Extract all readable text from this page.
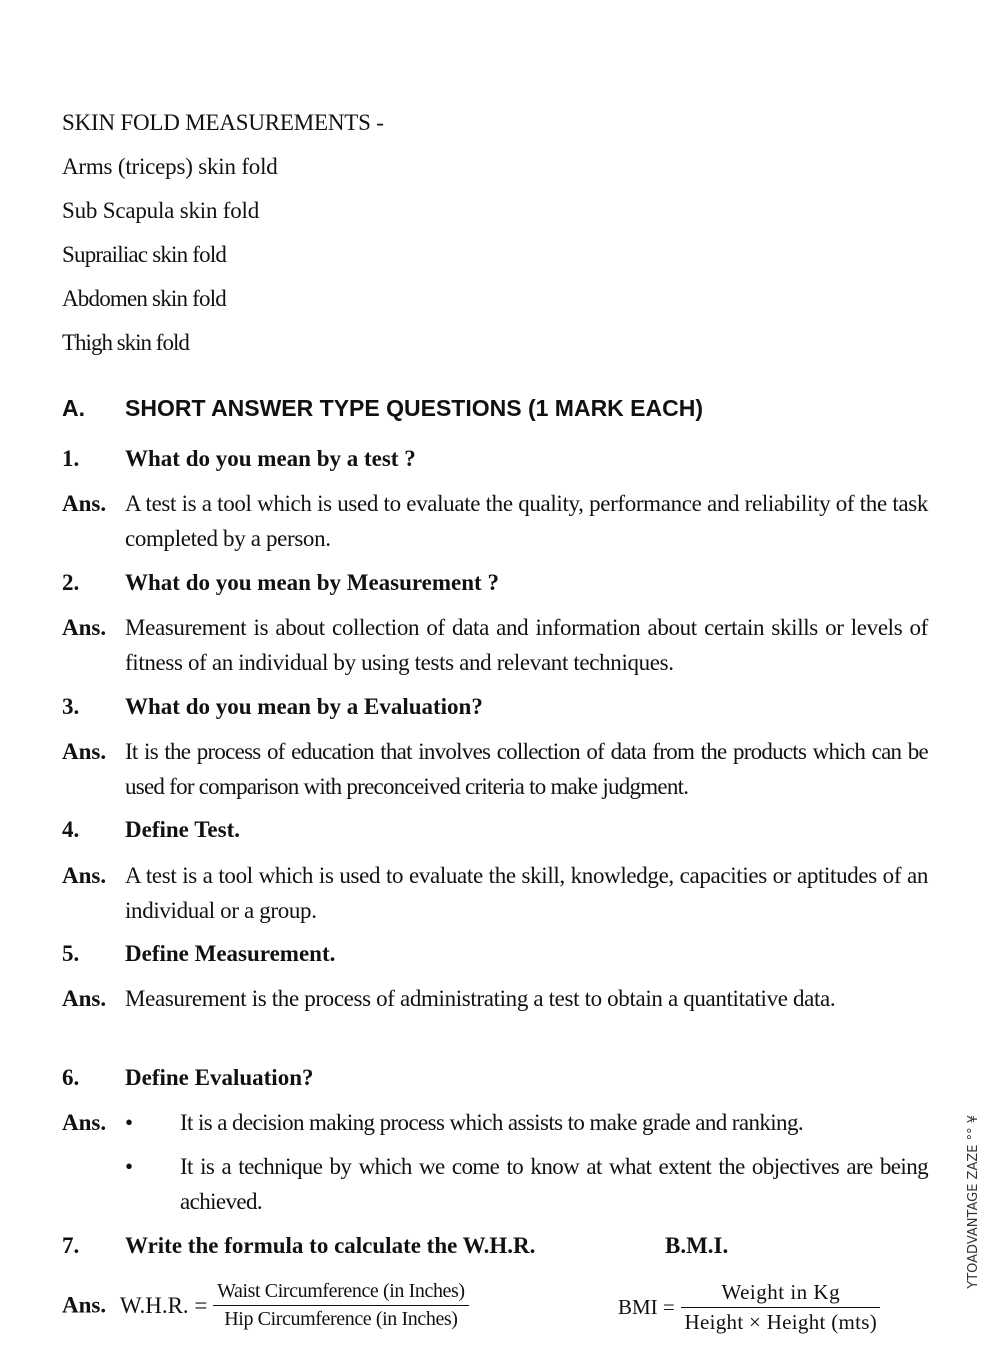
SKIN FOLD MEASUREMENTS -
Arms (triceps) skin fold
Sub Scapula skin fold
Suprailiac skin fold
Abdomen skin fold
Thigh skin fold
A. SHORT ANSWER TYPE QUESTIONS (1 MARK EACH)
1. What do you mean by a test ?
Ans. A test is a tool which is used to evaluate the quality, performance and reliability of the task completed by a person.
2. What do you mean by Measurement ?
Ans. Measurement is about collection of data and information about certain skills or levels of fitness of an individual by using tests and relevant techniques.
3. What do you mean by a Evaluation?
Ans. It is the process of education that involves collection of data from the products which can be used for comparison with preconceived criteria to make judgment.
4. Define Test.
Ans. A test is a tool which is used to evaluate the skill, knowledge, capacities or aptitudes of an individual or a group.
5. Define Measurement.
Ans. Measurement is the process of administrating a test to obtain a quantitative data.
6. Define Evaluation?
Ans. • It is a decision making process which assists to make grade and ranking.
• It is a technique by which we come to know at what extent the objectives are being achieved.
7. Write the formula to calculate the W.H.R.	B.M.I.
Ans. W.H.R. = $\frac{\text{Waist Circumference (in Inches)}}{\text{Hip Circumference (in Inches)}}$	BMI = $\frac{\text{Weight in Kg}}{\text{Height × Height (mts)}}$
YTOADVANTAGE ZAZE °° ¥
